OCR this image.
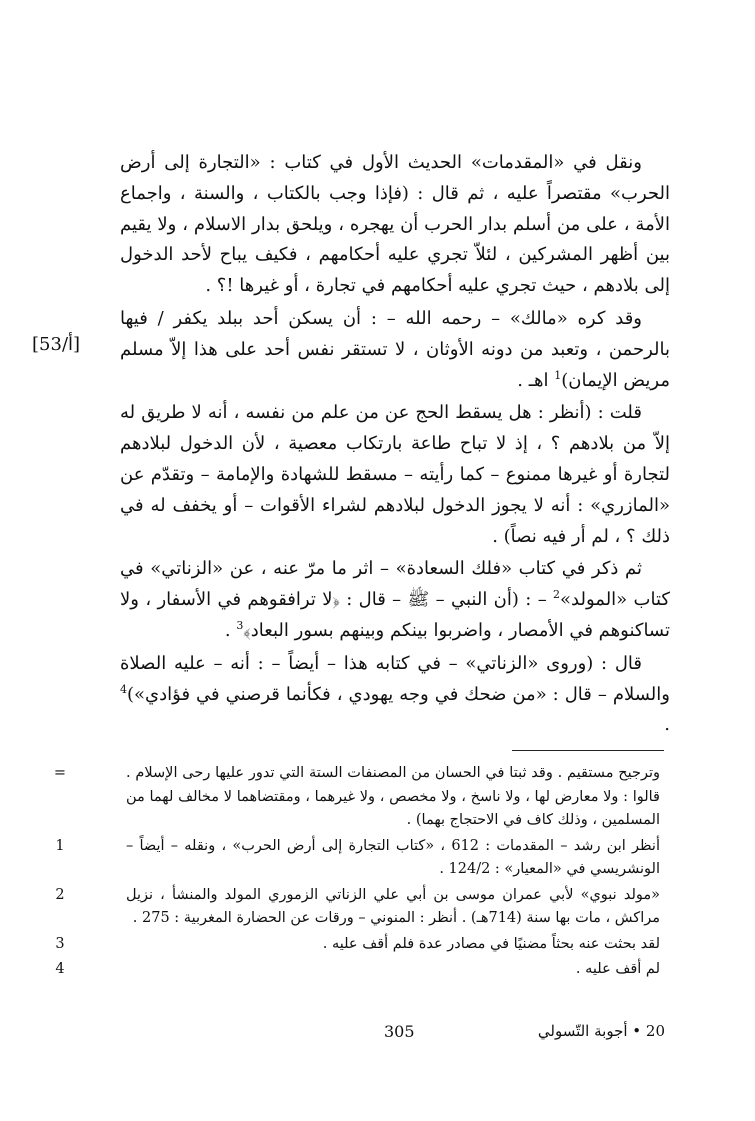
ونقل في «المقدمات» الحديث الأول في كتاب : «التجارة إلى أرض الحرب» مقتصراً عليه ، ثم قال : (فإذا وجب بالكتاب ، والسنة ، واجماع الأمة ، على من أسلم بدار الحرب أن يهجره ، ويلحق بدار الاسلام ، ولا يقيم بين أظهر المشركين ، لئلاّ تجري عليه أحكامهم ، فكيف يباح لأحد الدخول إلى بلادهم ، حيث تجري عليه أحكامهم في تجارة ، أو غيرها !؟ .

وقد كره «مالك» – رحمه الله – : أن يسكن أحد ببلد يكفر / فيها بالرحمن ، وتعبد من دونه الأوثان ، لا تستقر نفس أحد على هذا إلاّ مسلم مريض الإيمان)$^1$ اهـ .

قلت : (أنظر : هل يسقط الحج عن من علم من نفسه ، أنه لا طريق له إلاّ من بلادهم ؟ ، إذ لا تباح طاعة بارتكاب معصية ، لأن الدخول لبلادهم لتجارة أو غيرها ممنوع – كما رأيته – مسقط للشهادة والإمامة – وتقدّم عن «المازري» : أنه لا يجوز الدخول لبلادهم لشراء الأقوات – أو يخفف له في ذلك ؟ ، لم أر فيه نصاً) .

ثم ذكر في كتاب «فلك السعادة» – اثر ما مرّ عنه ، عن «الزناتي» في كتاب «المولد»$^2$ – : (أن النبي – ﷺ – قال : ﴿لا ترافقوهم في الأسفار ، ولا تساكنوهم في الأمصار ، واضربوا بينكم وبينهم بسور البعاد﴾$^3$ .

قال : (وروى «الزناتي» – في كتابه هذا – أيضاً – : أنه – عليه الصلاة والسلام – قال : «من ضحك في وجه يهودي ، فكأنما قرصني في فؤادي»)$^4$ .

[أ/53]
=	وترجيح مستقيم . وقد ثبتا في الحسان من المصنفات الستة التي تدور عليها رحى الإسلام . قالوا : ولا معارض لها ، ولا ناسخ ، ولا مخصص ، ولا غيرهما ، ومقتضاهما لا مخالف لهما من المسلمين ، وذلك كاف في الاحتجاج بهما) .
1	أنظر ابن رشد – المقدمات : 612 ، «كتاب التجارة إلى أرض الحرب» ، ونقله – أيضاً – الونشريسي في «المعيار» : 124/2 .
2	«مولد نبوي» لأبي عمران موسى بن أبي علي الزناتي الزموري المولد والمنشأ ، نزيل مراكش ، مات بها سنة (714هـ) . أنظر : المنوني – ورقات عن الحضارة المغربية : 275 .
3	لقد بحثت عنه بحثاً مضنيًا في مصادر عدة فلم أقف عليه .
4	لم أقف عليه .
305	20 • أجوبة التّسولي
